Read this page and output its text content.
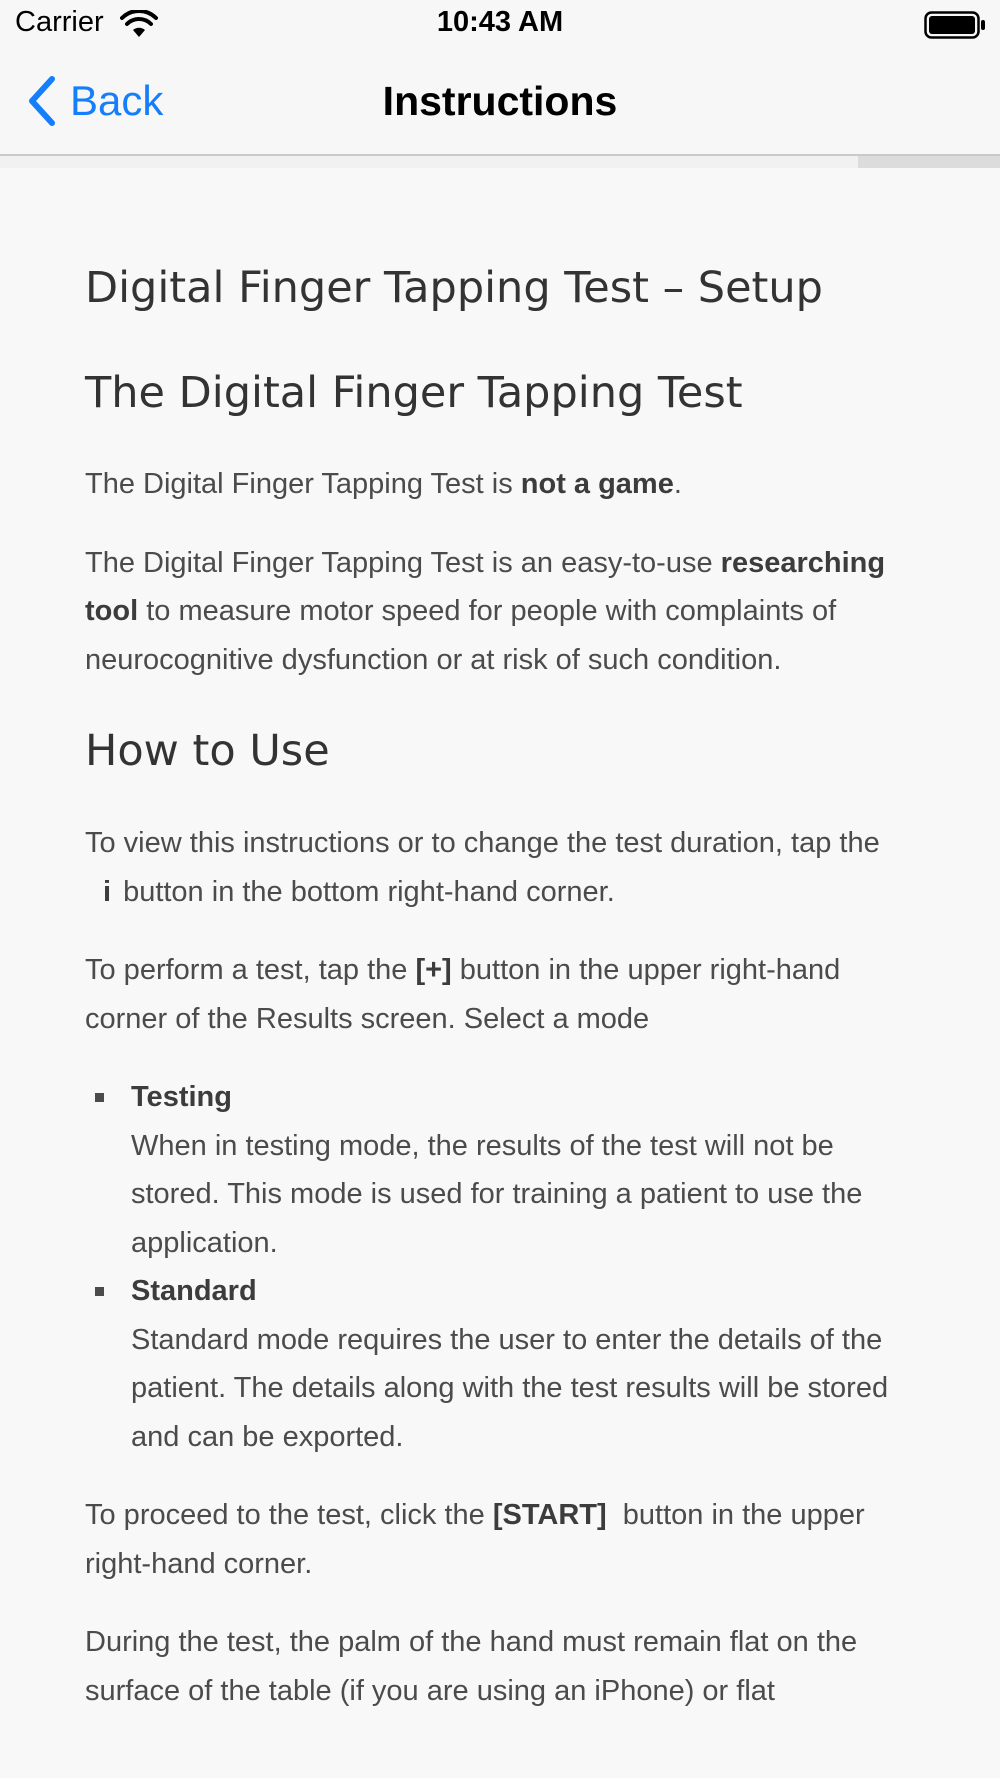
Carrier	10:43 AM
Back	Instructions
Digital Finger Tapping Test – Setup
The Digital Finger Tapping Test

The Digital Finger Tapping Test is not a game.

The Digital Finger Tapping Test is an easy-to-use researching tool to measure motor speed for people with complaints of neurocognitive dysfunction or at risk of such condition.

How to Use

To view this instructions or to change the test duration, tap thei button in the bottom right-hand corner.

To perform a test, tap the [+] button in the upper right-hand corner of the Results screen. Select a mode

Testing
When in testing mode, the results of the test will not be stored. This mode is used for training a patient to use the application.
Standard
Standard mode requires the user to enter the details of the patient. The details along with the test results will be stored and can be exported.

To proceed to the test, click the [START]  button in the upper right-hand corner.

During the test, the palm of the hand must remain flat on the surface of the table (if you are using an iPhone) or flat
